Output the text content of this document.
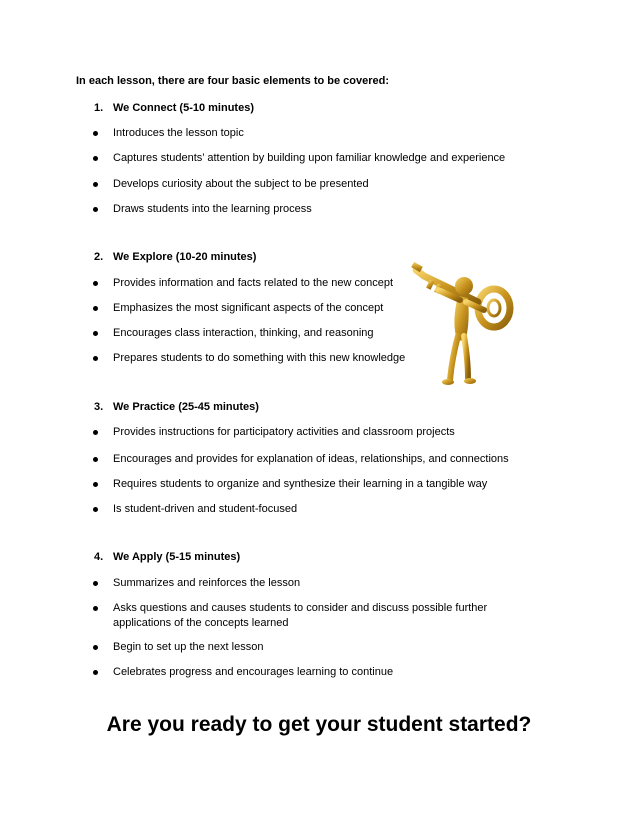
In each lesson, there are four basic elements to be covered:

1. We Connect (5-10 minutes)

Introduces the lesson topic
Captures students’ attention by building upon familiar knowledge and experience
Develops curiosity about the subject to be presented
Draws students into the learning process

2. We Explore (10-20 minutes)

Provides information and facts related to the new concept
Emphasizes the most significant aspects of the concept
Encourages class interaction, thinking, and reasoning
Prepares students to do something with this new knowledge

3. We Practice (25-45 minutes)

Provides instructions for participatory activities and classroom projects
Encourages and provides for explanation of ideas, relationships, and connections
Requires students to organize and synthesize their learning in a tangible way
Is student-driven and student-focused

4. We Apply (5-15 minutes)

Summarizes and reinforces the lesson
Asks questions and causes students to consider and discuss possible further applications of the concepts learned
Begin to set up the next lesson
Celebrates progress and encourages learning to continue

Are you ready to get your student started?
